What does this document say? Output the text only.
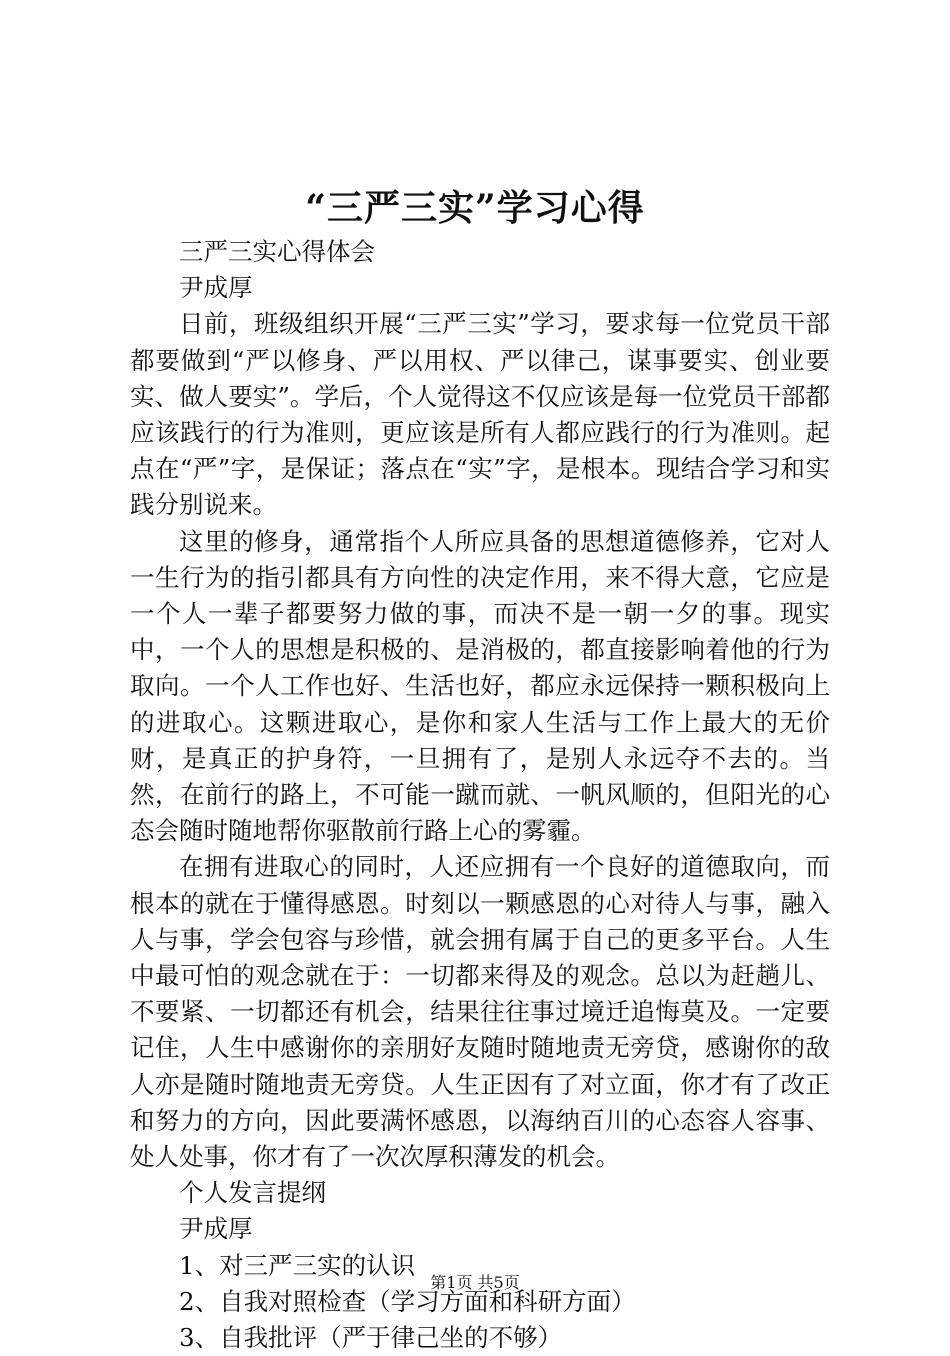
“三严三实”学习心得

三严三实心得体会

尹成厚

日前，班级组织开展“三严三实”学习，要求每一位党员干部都要做到“严以修身、严以用权、严以律己，谋事要实、创业要实、做人要实”。学后，个人觉得这不仅应该是每一位党员干部都应该践行的行为准则，更应该是所有人都应践行的行为准则。起点在“严”字，是保证；落点在“实”字，是根本。现结合学习和实践分别说来。

这里的修身，通常指个人所应具备的思想道德修养，它对人一生行为的指引都具有方向性的决定作用，来不得大意，它应是一个人一辈子都要努力做的事，而决不是一朝一夕的事。现实中，一个人的思想是积极的、是消极的，都直接影响着他的行为取向。一个人工作也好、生活也好，都应永远保持一颗积极向上的进取心。这颗进取心，是你和家人生活与工作上最大的无价财，是真正的护身符，一旦拥有了，是别人永远夺不去的。当然，在前行的路上，不可能一蹴而就、一帆风顺的，但阳光的心态会随时随地帮你驱散前行路上心的雾霾。

在拥有进取心的同时，人还应拥有一个良好的道德取向，而根本的就在于懂得感恩。时刻以一颗感恩的心对待人与事，融入人与事，学会包容与珍惜，就会拥有属于自己的更多平台。人生中最可怕的观念就在于：一切都来得及的观念。总以为赶趟儿、不要紧、一切都还有机会，结果往往事过境迁追悔莫及。一定要记住，人生中感谢你的亲朋好友随时随地责无旁贷，感谢你的敌人亦是随时随地责无旁贷。人生正因有了对立面，你才有了改正和努力的方向，因此要满怀感恩，以海纳百川的心态容人容事、处人处事，你才有了一次次厚积薄发的机会。

个人发言提纲

尹成厚

1、对三严三实的认识

2、自我对照检查（学习方面和科研方面）

3、自我批评（严于律己坐的不够）

第1页 共5页
